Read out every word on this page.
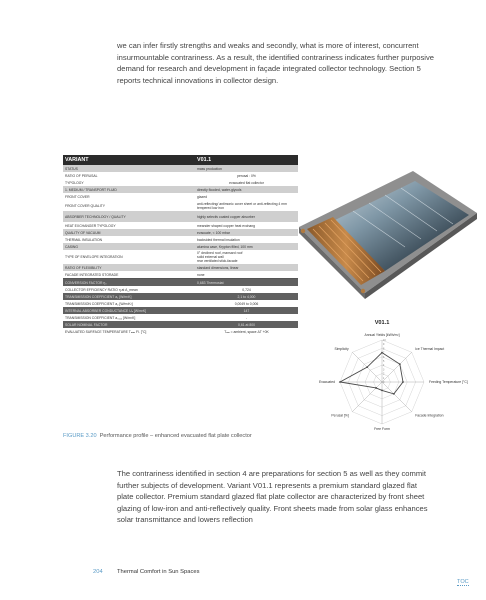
we can infer firstly strengths and weaks and secondly, what is more of interest, concurrent insurmountable contrariness. As a result, the identified contrariness indicates further purposive demand for research and development in façade integrated collector technology. Section 5 reports technical innovations in collector design.

VARIANT	V01.1
STATUS	mass production
RATIO OF PERUSAL	perusal : 0%
TYPOLOGY	evacuated flat collector
1. MEDIUM / TRANSPORT FLUID	directly flooded, water-glycols
FRONT COVER	glazed
FRONT COVER QUALITY	anti-reflecting/ antimonic cover sheet or anti-reflecting 4 mm tempered low iron
ABSORBER TECHNOLOGY / QUALITY	highly selectiv coated copper absorber
HEAT EXCHANGER TYPOLOGY	meander shaped copper heat exchang
QUALITY OF VACUUM	evacuate, < 100 mbar
THERMAL INSULATION	backsided thermal insulation
CASING	alumina case, Krypton filled, 100 mm
TYPE OF ENVELOPE INTEGRATION	0° declined roof, mansard roof
solid external wall
rear ventilated stick-facade
RATIO OF FLEXIBILITY	standard dimensions, linear
FACADE INTEGRATED STORADE	none
CONVERSION FACTOR η₀	0,683 Thermostat
COLLECTOR EFFICIENCY RATIO η at A_mean	0,724
TRANSMISSION COEFFICIENT a₁ [W/m²K]	2,1 to 4,000
TRANSMISSION COEFFICIENT a₂ [W/m²K²]	0,0049 to 0,006
INTERNAL ABSORBER CONDUCTANCE Uₐ [W/m²K]	147
TRANSMISSION COEFFICIENT a₀₁₁₂ [W/m²K]	-
SOLAR NOMINAL FACTOR	0,61 at 800
EVALUATED SURFACE TEMPERATURE Tₘₘ Fl. [°C]	Tₐₘ = ambient, space ΔT +0K
0
1
2
3
4
5
6
7
8
9
10
Annual Yields [kWh/m²]
Ice Thermal Impact
Feeding Temperature [°C]
Facade Integration
Free Form
Perusal [%]
Evacuated
Simplicity
V01.1
FIGURE 3.20 Performance profile – enhanced evacuated flat plate collector

The contrariness identified in section 4 are preparations for section 5 as well as they commit further subjects of development. Variant V01.1 represents a premium standard glazed flat plate collector. Premium standard glazed flat plate collector are characterized by front sheet glazing of low-iron and anti-reflectively quality. Front sheets made from solar glass enhances solar transmittance and lowers reflection

204 Thermal Comfort in Sun Spaces
TOC
